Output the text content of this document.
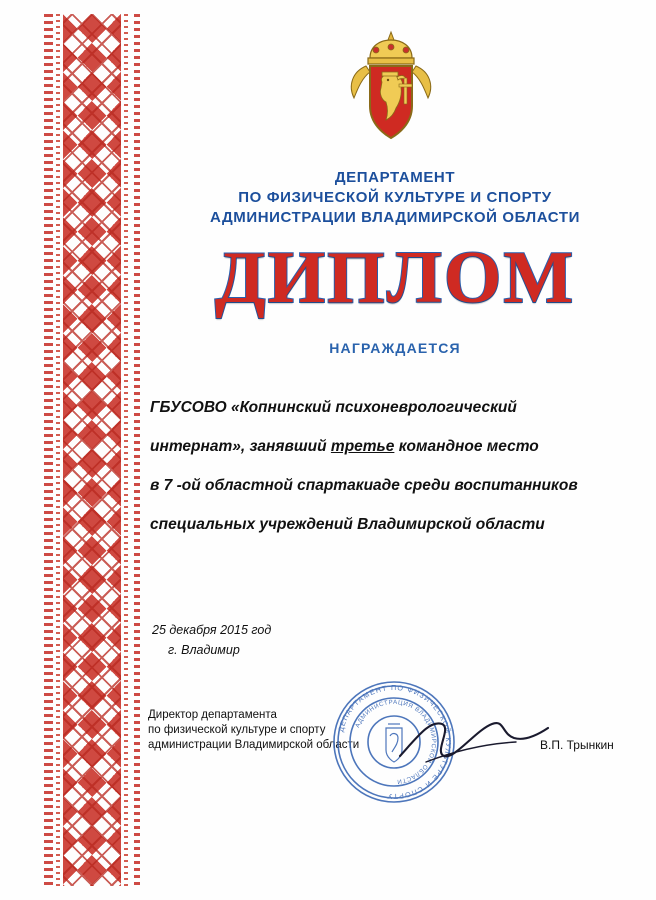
ДЕПАРТАМЕНТ
ПО ФИЗИЧЕСКОЙ КУЛЬТУРЕ И СПОРТУ
АДМИНИСТРАЦИИ ВЛАДИМИРСКОЙ ОБЛАСТИ
ДИПЛОМ
НАГРАЖДАЕТСЯ
ГБУСОВО «Копнинский психоневрологический
интернат», занявший третье командное место
в 7 -ой областной спартакиаде среди воспитанников
специальных учреждений Владимирской области
25 декабря 2015 год
г. Владимир
Директор департамента
по физической культуре и спорту
администрации Владимирской области
ДЕПАРТАМЕНТ ПО ФИЗИЧЕСКОЙ КУЛЬТУРЕ И СПОРТУ
АДМИНИСТРАЦИЯ ВЛАДИМИРСКОЙ ОБЛАСТИ
В.П. Трынкин
